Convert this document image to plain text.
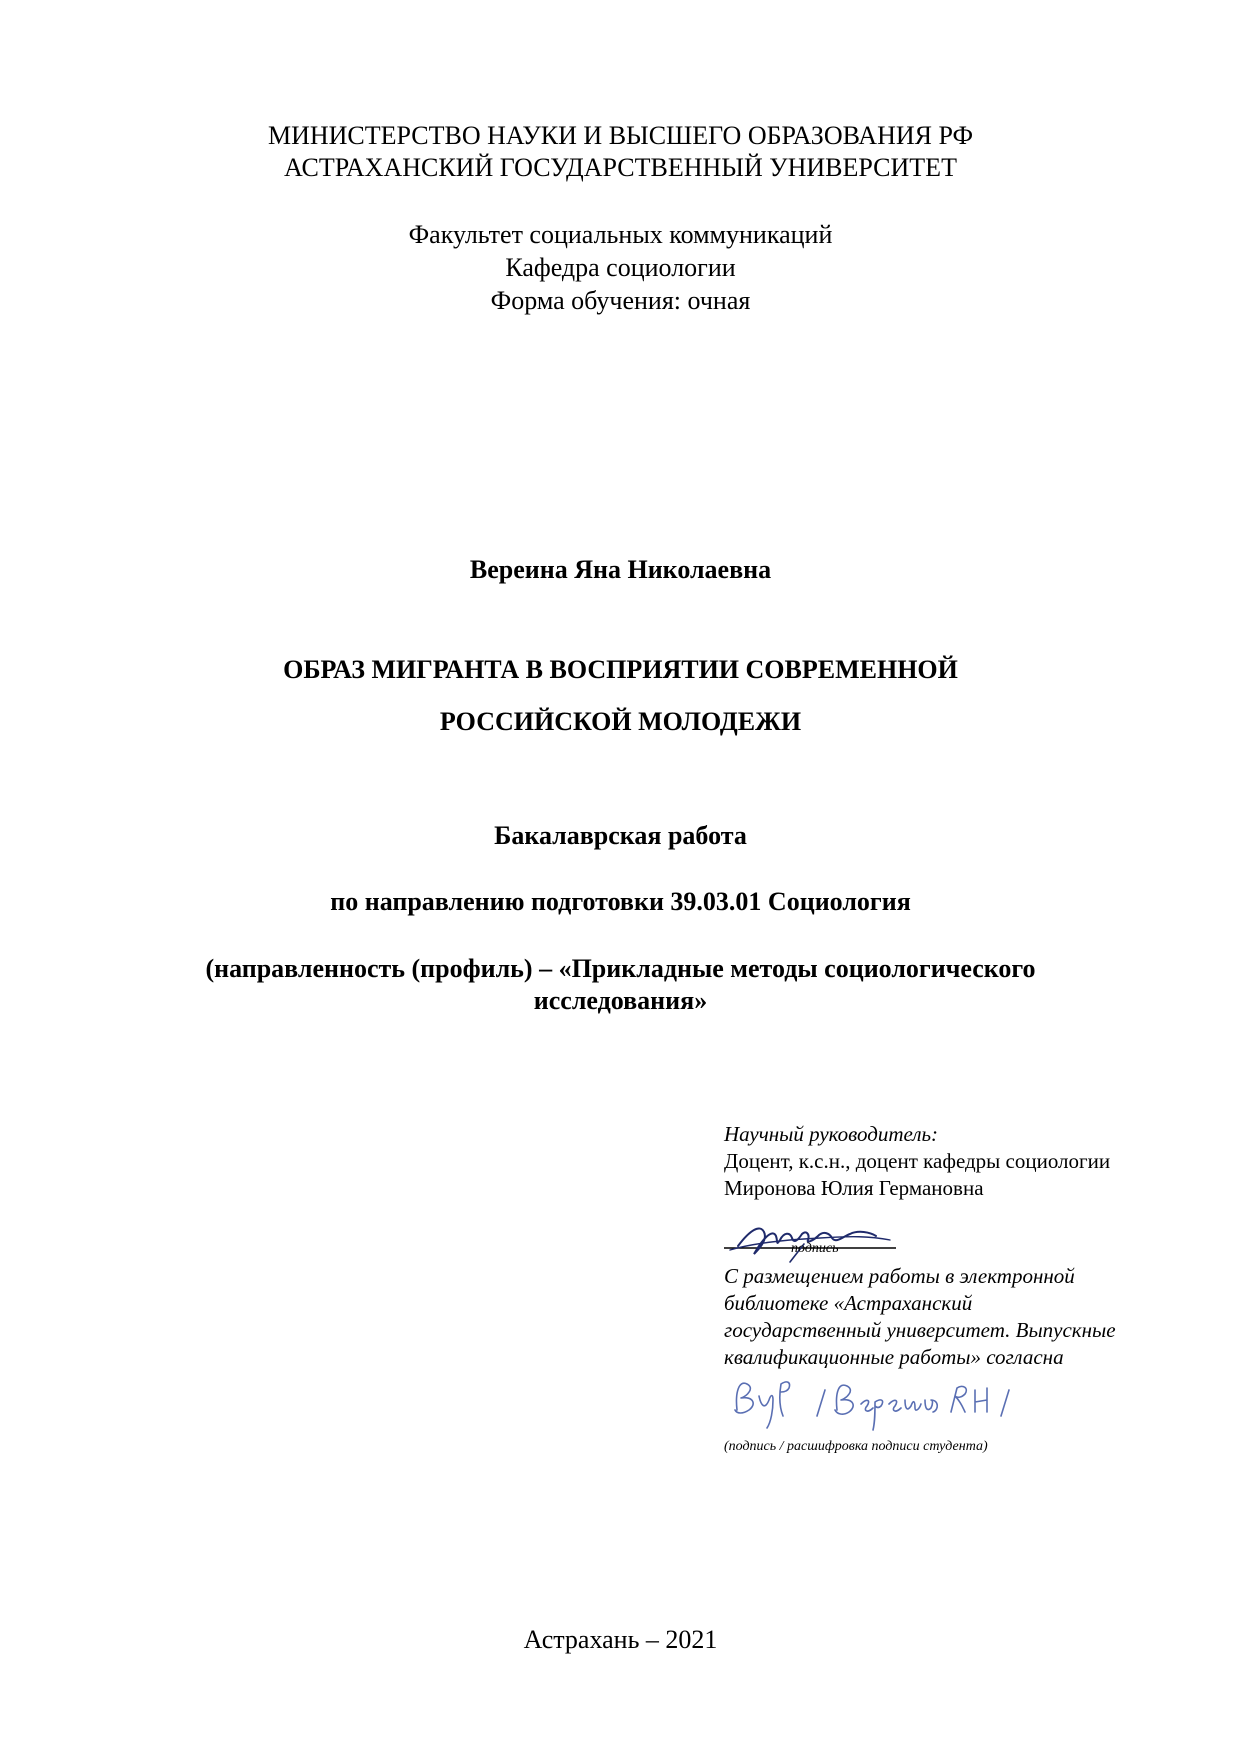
МИНИСТЕРСТВО НАУКИ И ВЫСШЕГО ОБРАЗОВАНИЯ РФ
АСТРАХАНСКИЙ ГОСУДАРСТВЕННЫЙ УНИВЕРСИТЕТ
Факультет социальных коммуникаций
Кафедра социологии
Форма обучения: очная
Вереина Яна Николаевна
ОБРАЗ МИГРАНТА В ВОСПРИЯТИИ СОВРЕМЕННОЙ
РОССИЙСКОЙ МОЛОДЕЖИ
Бакалаврская работа
по направлению подготовки 39.03.01 Социология
(направленность (профиль) – «Прикладные методы социологического
исследования»
Научный руководитель:
Доцент, к.с.н., доцент кафедры социологии
Миронова Юлия Германовна
подпись
С размещением работы в электронной
библиотеке «Астраханский
государственный университет. Выпускные
квалификационные работы» согласна
(подпись / расшифровка подписи студента)
Астрахань – 2021
